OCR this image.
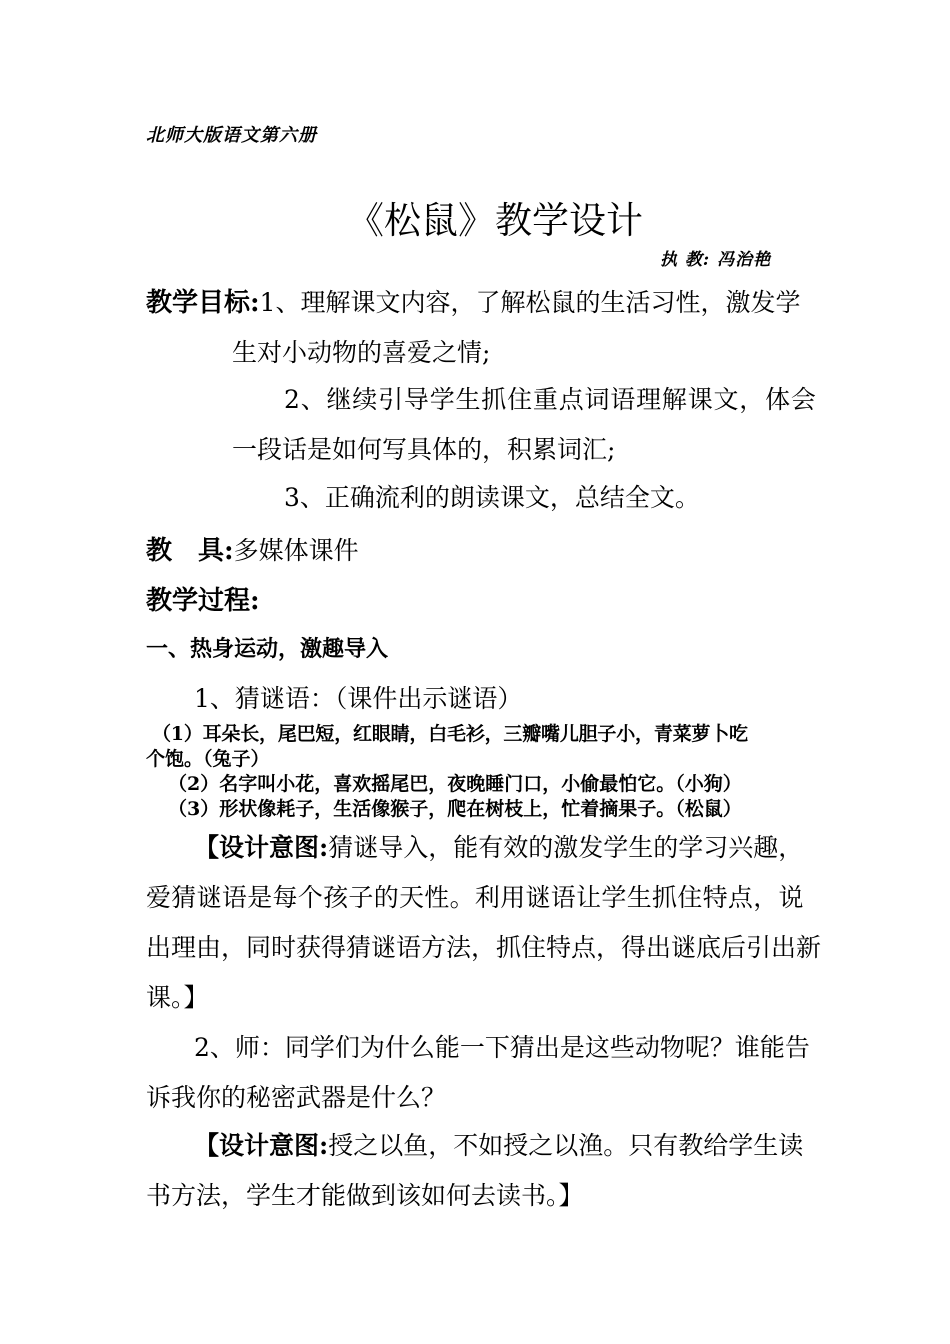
北师大版语文第六册
《松鼠》教学设计
执 教: 冯治艳
教学目标:1、理解课文内容，了解松鼠的生活习性，激发学
生对小动物的喜爱之情;
2、继续引导学生抓住重点词语理解课文，体会
一段话是如何写具体的，积累词汇;
3、正确流利的朗读课文，总结全文。
教　具:多媒体课件
教学过程:
一、热身运动，激趣导入
1、猜谜语：（课件出示谜语）
（1）耳朵长，尾巴短，红眼睛，白毛衫，三瓣嘴儿胆子小，青菜萝卜吃
个饱。（兔子）
（2）名字叫小花，喜欢摇尾巴，夜晚睡门口，小偷最怕它。（小狗）
（3）形状像耗子，生活像猴子，爬在树枝上，忙着摘果子。（松鼠）
【设计意图:猜谜导入，能有效的激发学生的学习兴趣，
爱猜谜语是每个孩子的天性。利用谜语让学生抓住特点，说
出理由，同时获得猜谜语方法，抓住特点，得出谜底后引出新
课。】
2、师：同学们为什么能一下猜出是这些动物呢？谁能告
诉我你的秘密武器是什么？
【设计意图:授之以鱼，不如授之以渔。只有教给学生读
书方法，学生才能做到该如何去读书。】
